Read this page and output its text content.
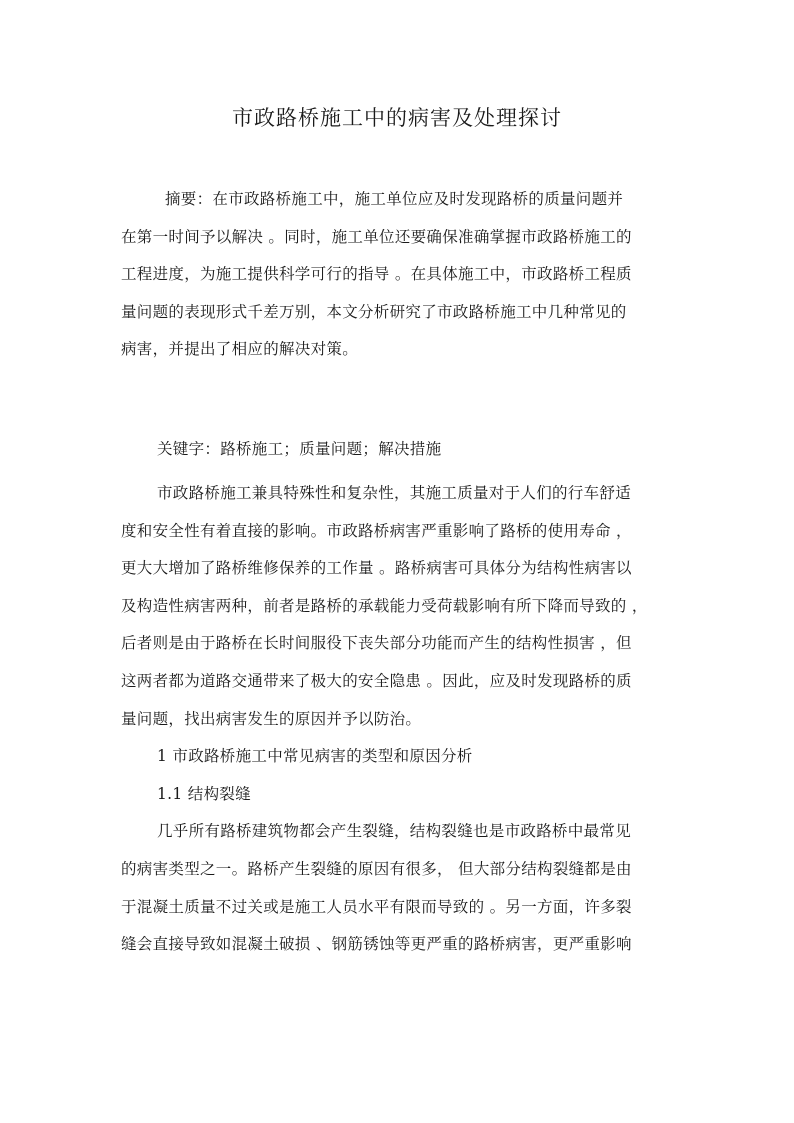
市政路桥施工中的病害及处理探讨
摘要：在市政路桥施工中，施工单位应及时发现路桥的质量问题并
在第一时间予以解决 。同时，施工单位还要确保准确掌握市政路桥施工的
工程进度，为施工提供科学可行的指导 。在具体施工中，市政路桥工程质
量问题的表现形式千差万别，本文分析研究了市政路桥施工中几种常见的
病害，并提出了相应的解决对策。
关键字：路桥施工；质量问题；解决措施
市政路桥施工兼具特殊性和复杂性，其施工质量对于人们的行车舒适
度和安全性有着直接的影响。市政路桥病害严重影响了路桥的使用寿命 ，
更大大增加了路桥维修保养的工作量 。路桥病害可具体分为结构性病害以
及构造性病害两种，前者是路桥的承载能力受荷载影响有所下降而导致的 ，
后者则是由于路桥在长时间服役下丧失部分功能而产生的结构性损害 ，但
这两者都为道路交通带来了极大的安全隐患 。因此，应及时发现路桥的质
量问题，找出病害发生的原因并予以防治。
1 市政路桥施工中常见病害的类型和原因分析
1.1 结构裂缝
几乎所有路桥建筑物都会产生裂缝，结构裂缝也是市政路桥中最常见
的病害类型之一。路桥产生裂缝的原因有很多， 但大部分结构裂缝都是由
于混凝土质量不过关或是施工人员水平有限而导致的 。另一方面，许多裂
缝会直接导致如混凝土破损 、钢筋锈蚀等更严重的路桥病害，更严重影响
